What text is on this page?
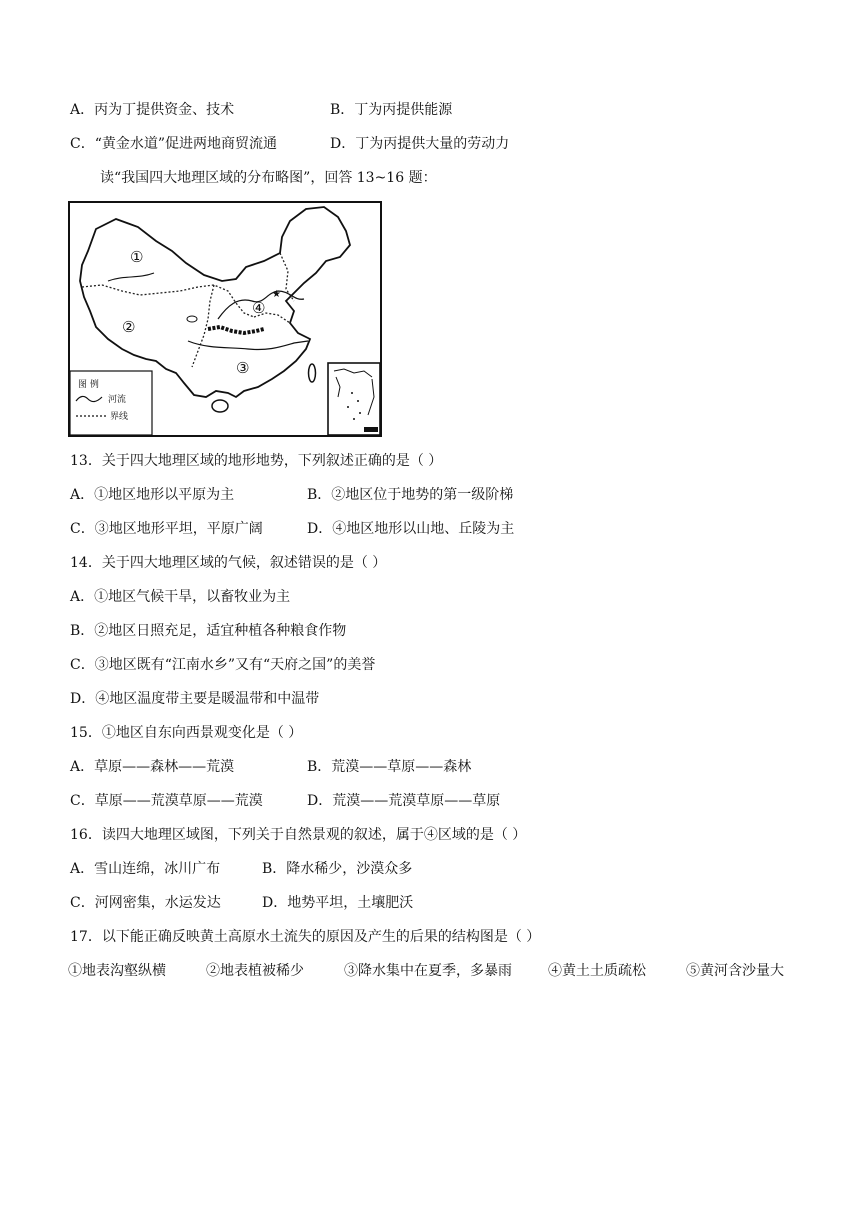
A．丙为丁提供资金、技术	B．丁为丙提供能源
C．“黄金水道”促进两地商贸流通	D．丁为丙提供大量的劳动力
读“我国四大地理区域的分布略图”，回答 13~16 题：
①
②
③
④
★
图 例
河流
界线
13．关于四大地理区域的地形地势，下列叙述正确的是（ ）
A．①地区地形以平原为主	B．②地区位于地势的第一级阶梯
C．③地区地形平坦，平原广阔	D．④地区地形以山地、丘陵为主
14．关于四大地理区域的气候，叙述错误的是（ ）
A．①地区气候干旱，以畜牧业为主
B．②地区日照充足，适宜种植各种粮食作物
C．③地区既有“江南水乡”又有“天府之国”的美誉
D．④地区温度带主要是暖温带和中温带
15．①地区自东向西景观变化是（ ）
A．草原——森林——荒漠	B．荒漠——草原——森林
C．草原——荒漠草原——荒漠	D．荒漠——荒漠草原——草原
16．读四大地理区域图，下列关于自然景观的叙述，属于④区域的是（ ）
A．雪山连绵，冰川广布	B．降水稀少，沙漠众多
C．河网密集，水运发达	D．地势平坦，土壤肥沃
17．以下能正确反映黄土高原水土流失的原因及产生的后果的结构图是（ ）
①地表沟壑纵横	②地表植被稀少	③降水集中在夏季，多暴雨	④黄土土质疏松	⑤黄河含沙量大
